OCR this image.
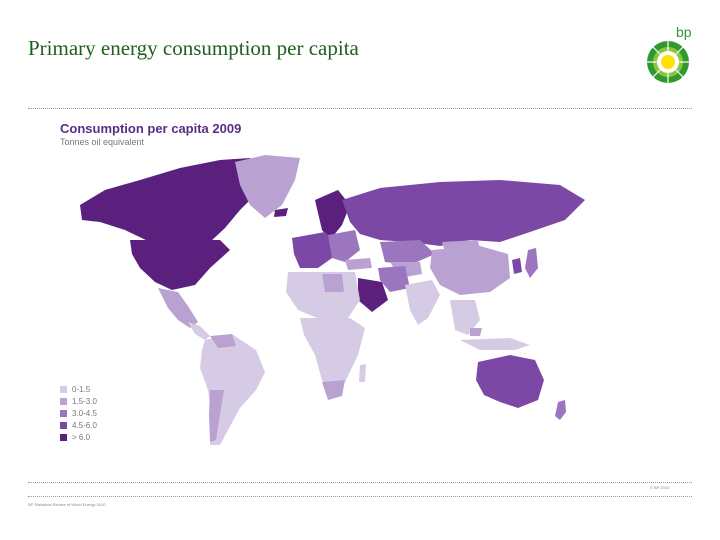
Primary energy consumption per capita
bp
Consumption per capita 2009
Tonnes oil equivalent
0-1.5
1.5-3.0
3.0-4.5
4.5-6.0
> 6.0
© BP 2010
BP Statistical Review of World Energy 2010
